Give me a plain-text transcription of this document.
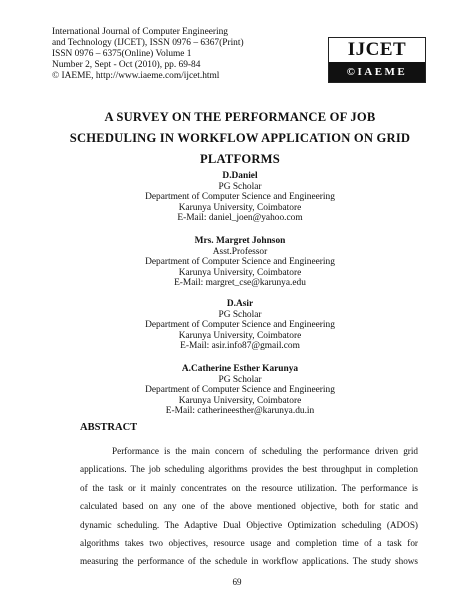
International Journal of Computer Engineering
and Technology (IJCET), ISSN 0976 – 6367(Print)
ISSN 0976 – 6375(Online) Volume 1
Number 2, Sept - Oct (2010), pp. 69-84
© IAEME, http://www.iaeme.com/ijcet.html
IJCET
©IAEME
A SURVEY ON THE PERFORMANCE OF JOB
SCHEDULING IN WORKFLOW APPLICATION ON GRID
PLATFORMS
D.Daniel
PG Scholar
Department of Computer Science and Engineering
Karunya University, Coimbatore
E-Mail: daniel_joen@yahoo.com
Mrs. Margret Johnson
Asst.Professor
Department of Computer Science and Engineering
Karunya University, Coimbatore
E-Mail: margret_cse@karunya.edu
D.Asir
PG Scholar
Department of Computer Science and Engineering
Karunya University, Coimbatore
E-Mail: asir.info87@gmail.com
A.Catherine Esther Karunya
PG Scholar
Department of Computer Science and Engineering
Karunya University, Coimbatore
E-Mail: catherineesther@karunya.du.in
ABSTRACT
Performance is the main concern of scheduling the performance driven grid
applications. The job scheduling algorithms provides the best throughput in completion
of the task or it mainly concentrates on the resource utilization. The performance is
calculated based on any one of the above mentioned objective, both for static and
dynamic scheduling. The Adaptive Dual Objective Optimization scheduling (ADOS)
algorithms takes two objectives, resource usage and completion time of a task for
measuring the performance of the schedule in workflow applications. The study shows
69
